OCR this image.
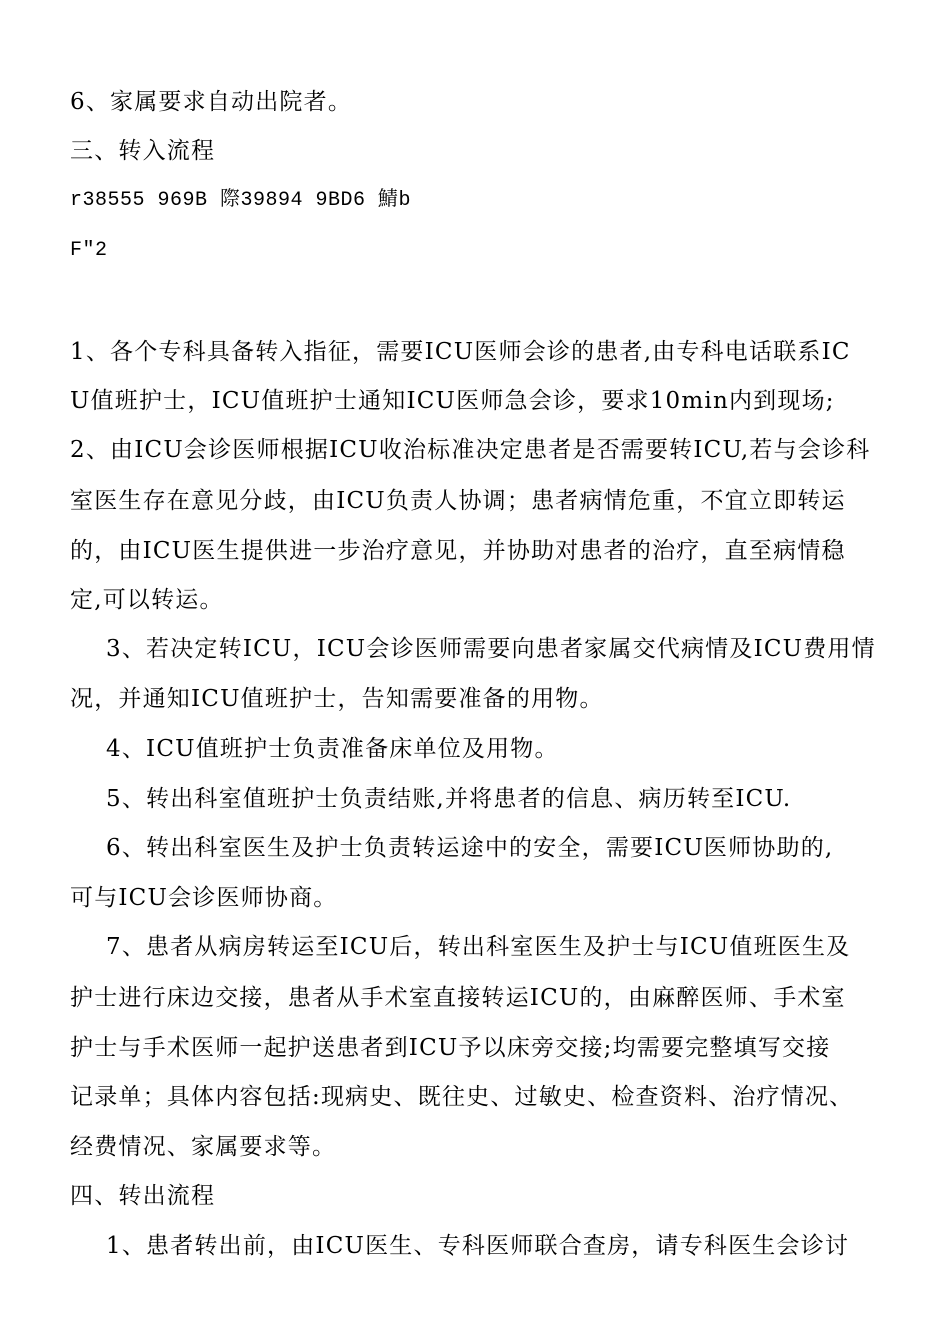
6、家属要求自动出院者。
三、转入流程
r38555 969B 際39894 9BD6 鯖b
F"2
1、各个专科具备转入指征，需要ICU医师会诊的患者,由专科电话联系IC
U值班护士，ICU值班护士通知ICU医师急会诊，要求10min内到现场;
2、由ICU会诊医师根据ICU收治标准决定患者是否需要转ICU,若与会诊科
室医生存在意见分歧，由ICU负责人协调；患者病情危重，不宜立即转运
的，由ICU医生提供进一步治疗意见，并协助对患者的治疗，直至病情稳
定,可以转运。
3、若决定转ICU，ICU会诊医师需要向患者家属交代病情及ICU费用情
况，并通知ICU值班护士，告知需要准备的用物。
4、ICU值班护士负责准备床单位及用物。
5、转出科室值班护士负责结账,并将患者的信息、病历转至ICU.
6、转出科室医生及护士负责转运途中的安全，需要ICU医师协助的,
可与ICU会诊医师协商。
7、患者从病房转运至ICU后，转出科室医生及护士与ICU值班医生及
护士进行床边交接，患者从手术室直接转运ICU的，由麻醉医师、手术室
护士与手术医师一起护送患者到ICU予以床旁交接;均需要完整填写交接
记录单；具体内容包括:现病史、既往史、过敏史、检查资料、治疗情况、
经费情况、家属要求等。
四、转出流程
1、患者转出前，由ICU医生、专科医师联合查房，请专科医生会诊讨
